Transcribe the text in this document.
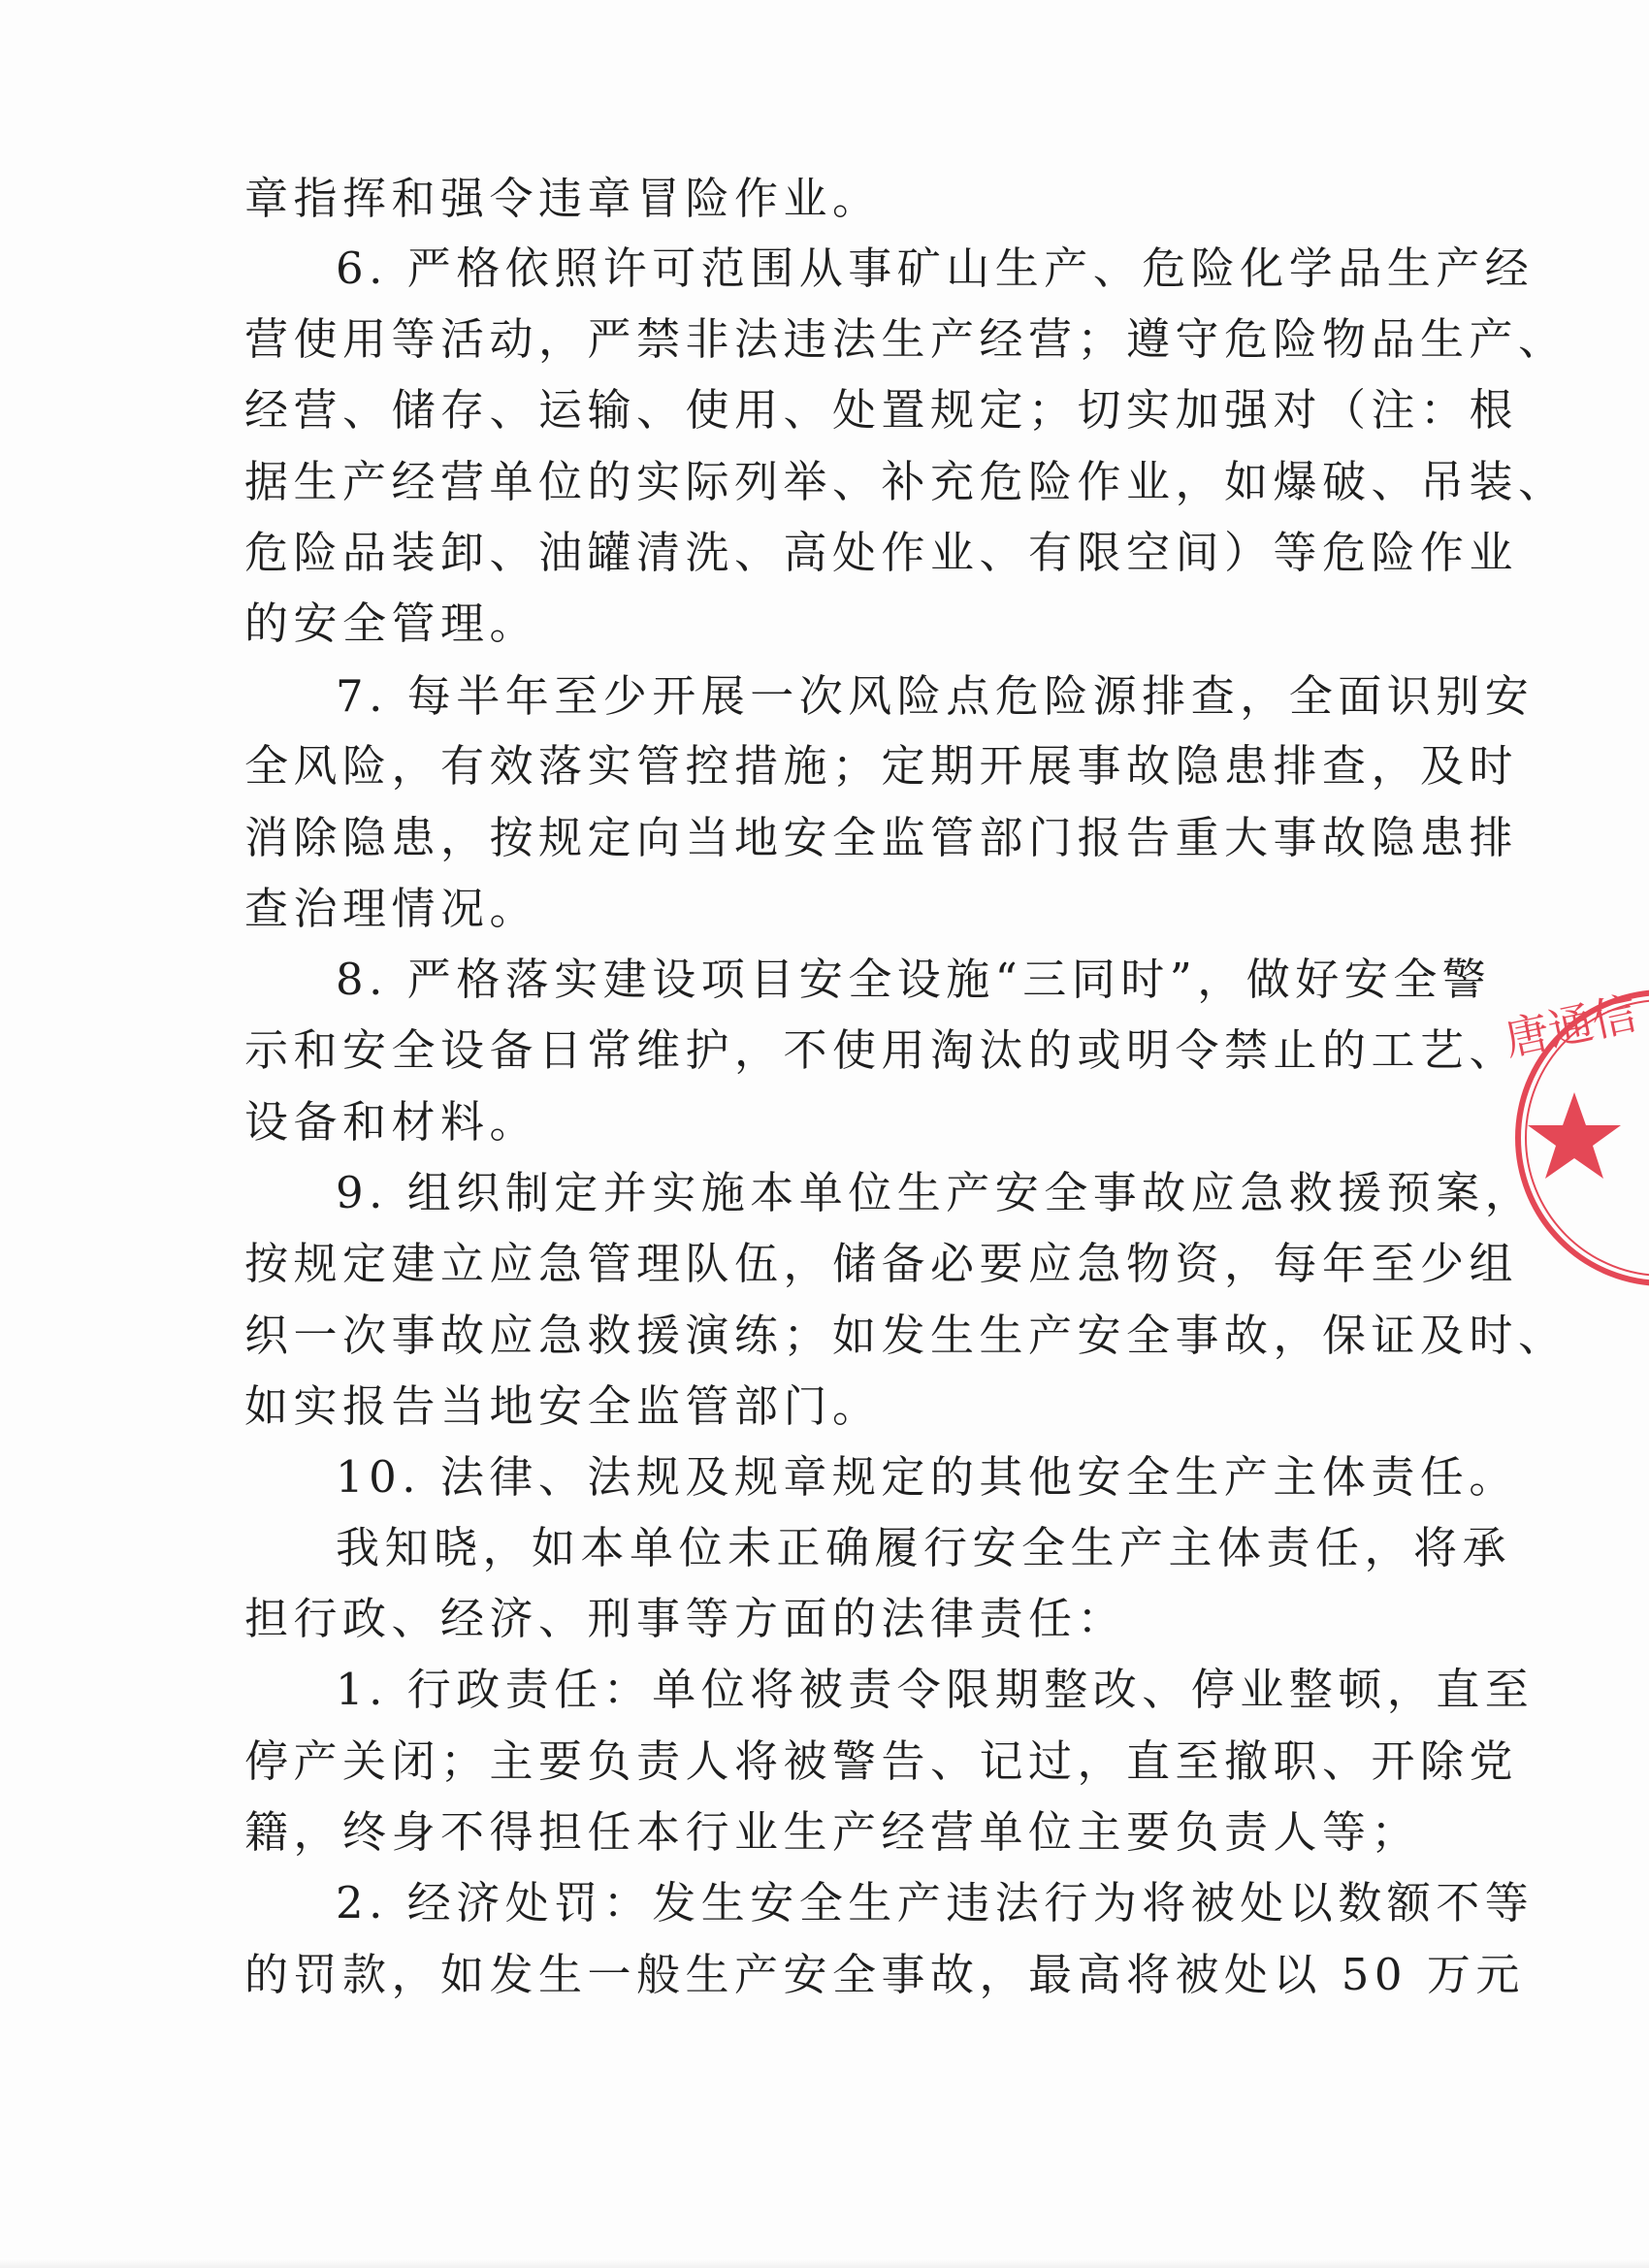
章指挥和强令违章冒险作业。
6. 严格依照许可范围从事矿山生产、危险化学品生产经
营使用等活动，严禁非法违法生产经营；遵守危险物品生产、
经营、储存、运输、使用、处置规定；切实加强对（注：根
据生产经营单位的实际列举、补充危险作业，如爆破、吊装、
危险品装卸、油罐清洗、高处作业、有限空间）等危险作业
的安全管理。
7. 每半年至少开展一次风险点危险源排查，全面识别安
全风险，有效落实管控措施；定期开展事故隐患排查，及时
消除隐患，按规定向当地安全监管部门报告重大事故隐患排
查治理情况。
8. 严格落实建设项目安全设施“三同时”，做好安全警
示和安全设备日常维护，不使用淘汰的或明令禁止的工艺、
设备和材料。
9. 组织制定并实施本单位生产安全事故应急救援预案，
按规定建立应急管理队伍，储备必要应急物资，每年至少组
织一次事故应急救援演练；如发生生产安全事故，保证及时、
如实报告当地安全监管部门。
10. 法律、法规及规章规定的其他安全生产主体责任。
我知晓，如本单位未正确履行安全生产主体责任，将承
担行政、经济、刑事等方面的法律责任：
1. 行政责任：单位将被责令限期整改、停业整顿，直至
停产关闭；主要负责人将被警告、记过，直至撤职、开除党
籍，终身不得担任本行业生产经营单位主要负责人等；
2. 经济处罚：发生安全生产违法行为将被处以数额不等
的罚款，如发生一般生产安全事故，最高将被处以 50 万元
唐通信
